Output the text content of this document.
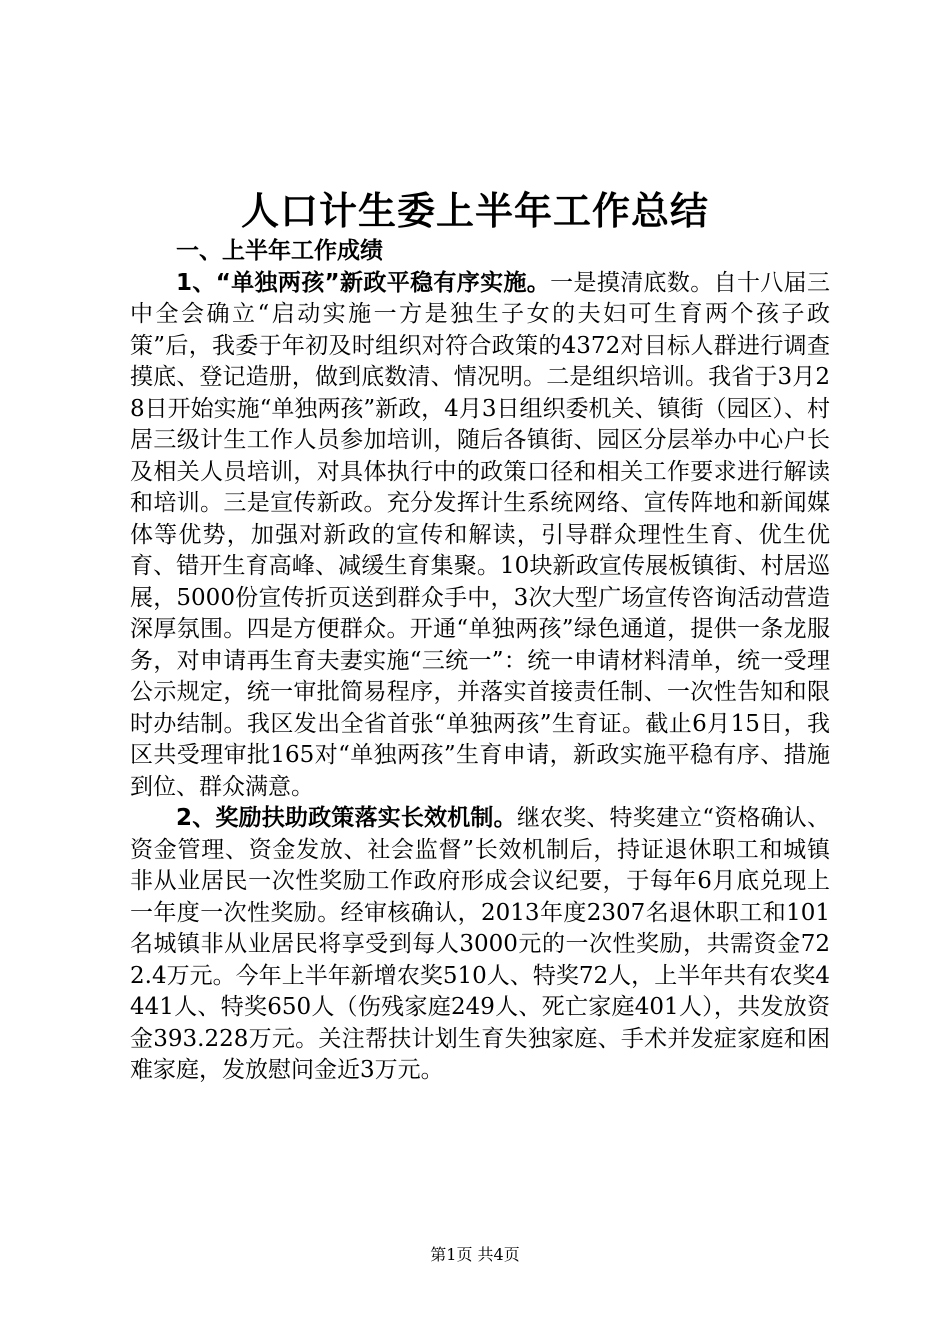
人口计生委上半年工作总结

一、上半年工作成绩

1、“单独两孩”新政平稳有序实施。一是摸清底数。自十八届三中全会确立“启动实施一方是独生子女的夫妇可生育两个孩子政策”后，我委于年初及时组织对符合政策的4372对目标人群进行调查摸底、登记造册，做到底数清、情况明。二是组织培训。我省于3月28日开始实施“单独两孩”新政，4月3日组织委机关、镇街（园区）、村居三级计生工作人员参加培训，随后各镇街、园区分层举办中心户长及相关人员培训，对具体执行中的政策口径和相关工作要求进行解读和培训。三是宣传新政。充分发挥计生系统网络、宣传阵地和新闻媒体等优势，加强对新政的宣传和解读，引导群众理性生育、优生优育、错开生育高峰、减缓生育集聚。10块新政宣传展板镇街、村居巡展，5000份宣传折页送到群众手中，3次大型广场宣传咨询活动营造深厚氛围。四是方便群众。开通“单独两孩”绿色通道，提供一条龙服务，对申请再生育夫妻实施“三统一”：统一申请材料清单，统一受理公示规定，统一审批简易程序，并落实首接责任制、一次性告知和限时办结制。我区发出全省首张“单独两孩”生育证。截止6月15日，我区共受理审批165对“单独两孩”生育申请，新政实施平稳有序、措施到位、群众满意。

2、奖励扶助政策落实长效机制。继农奖、特奖建立“资格确认、资金管理、资金发放、社会监督”长效机制后，持证退休职工和城镇非从业居民一次性奖励工作政府形成会议纪要，于每年6月底兑现上一年度一次性奖励。经审核确认，2013年度2307名退休职工和101名城镇非从业居民将享受到每人3000元的一次性奖励，共需资金722.4万元。今年上半年新增农奖510人、特奖72人，上半年共有农奖4441人、特奖650人（伤残家庭249人、死亡家庭401人），共发放资金393.228万元。关注帮扶计划生育失独家庭、手术并发症家庭和困难家庭，发放慰问金近3万元。

第1页 共4页
